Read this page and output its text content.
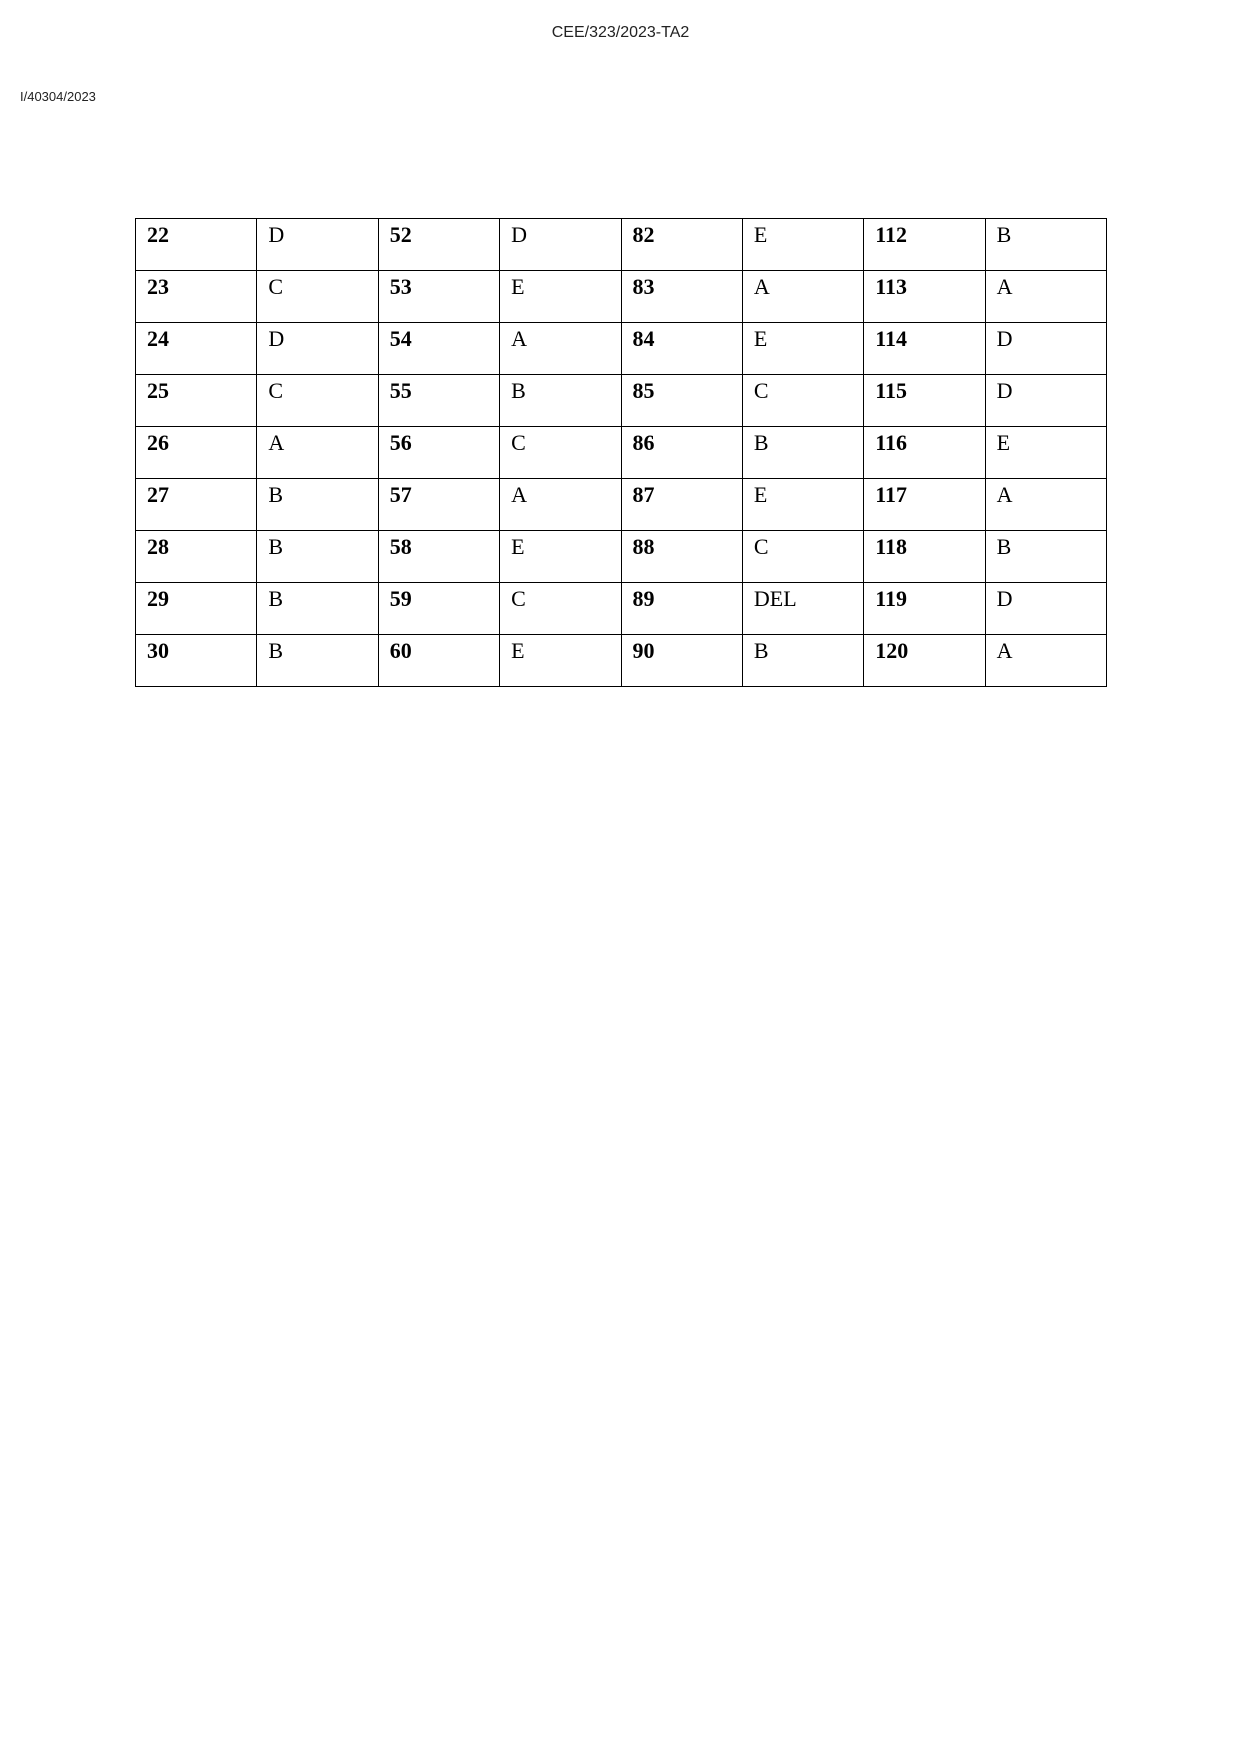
CEE/323/2023-TA2
I/40304/2023
22	D	52	D	82	E	112	B
23	C	53	E	83	A	113	A
24	D	54	A	84	E	114	D
25	C	55	B	85	C	115	D
26	A	56	C	86	B	116	E
27	B	57	A	87	E	117	A
28	B	58	E	88	C	118	B
29	B	59	C	89	DEL	119	D
30	B	60	E	90	B	120	A
